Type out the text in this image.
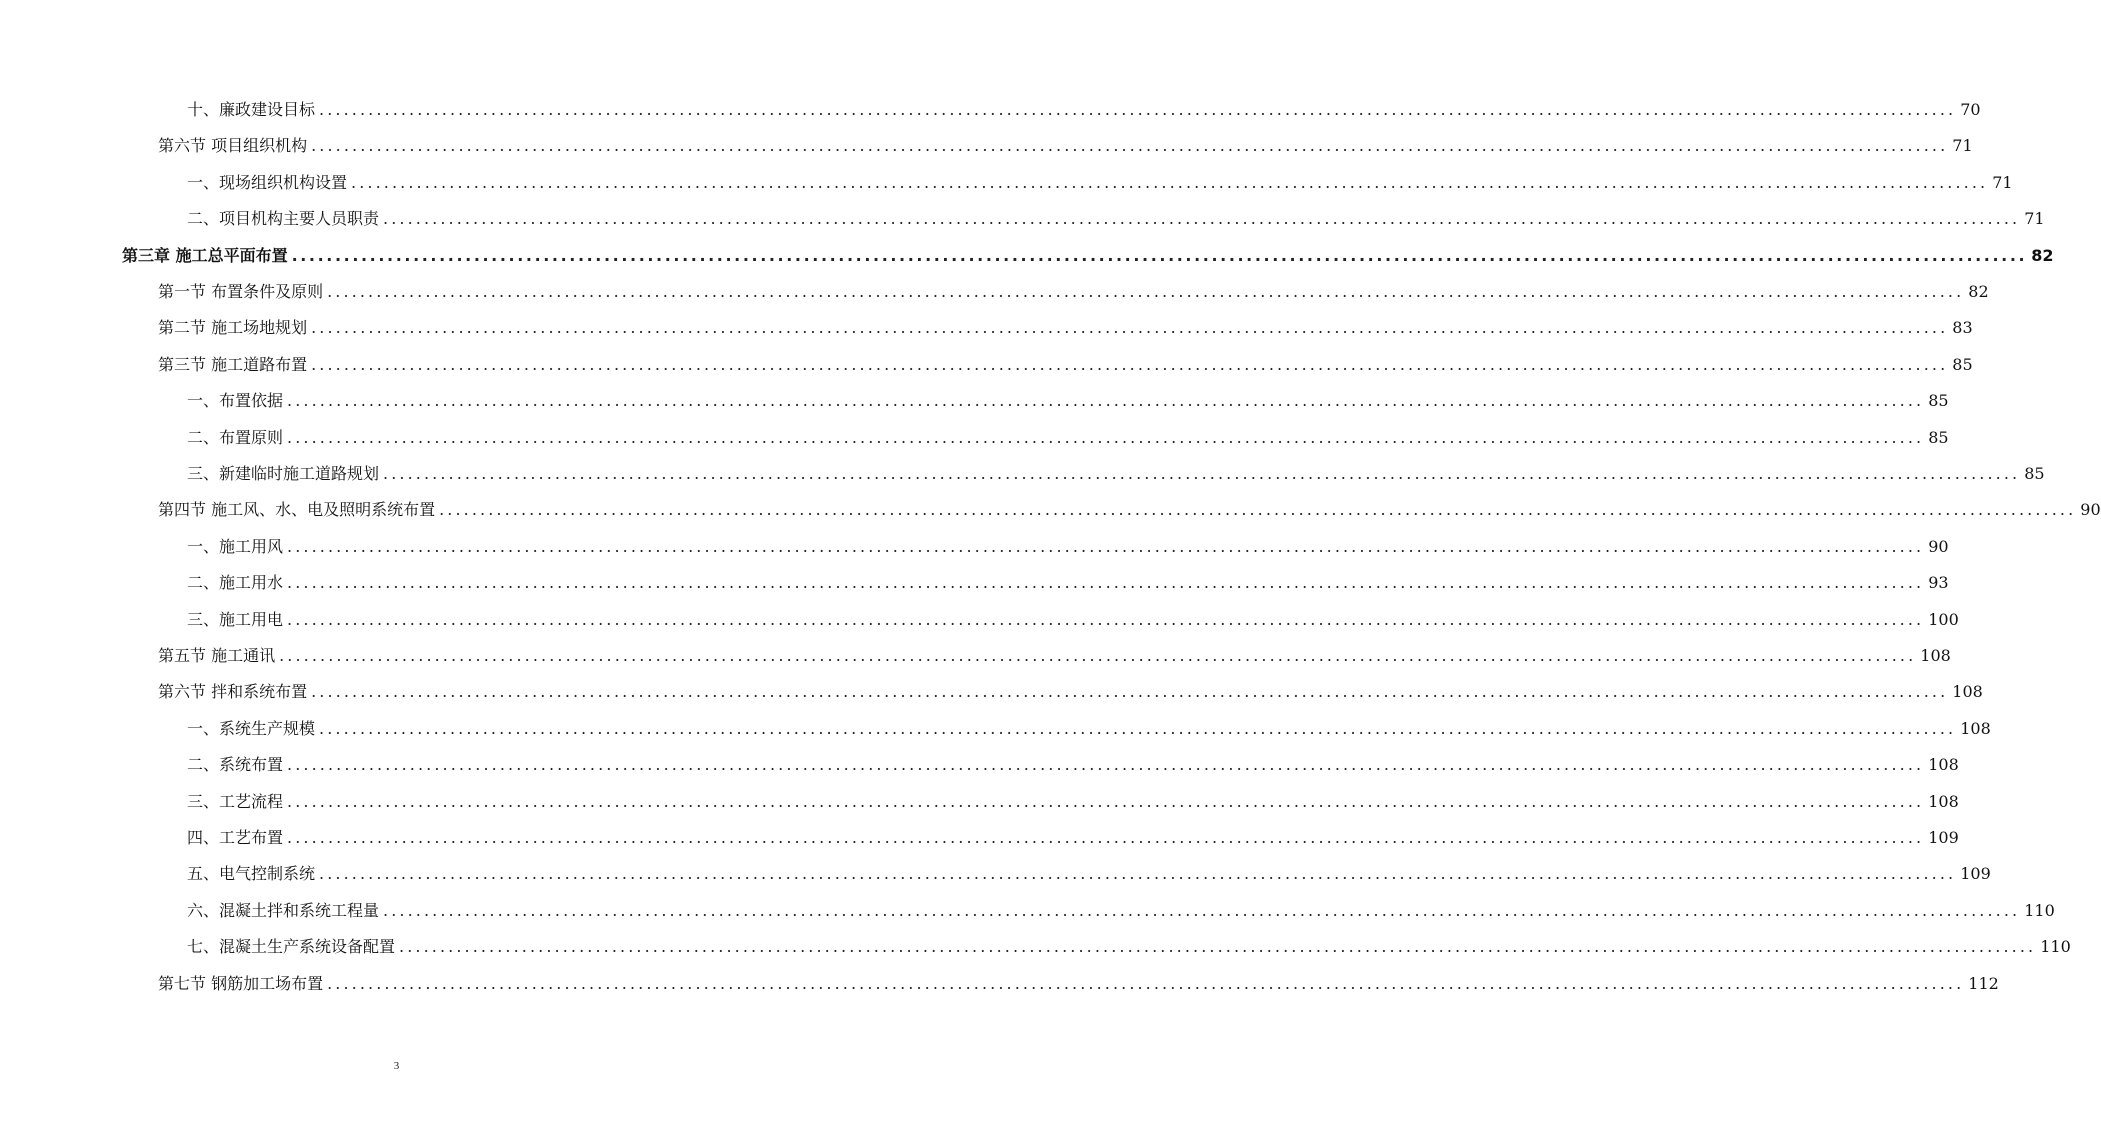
十、廉政建设目标 ........................................................................................................................................................................................................ 70
第六节 项目组织机构 ........................................................................................................................................................................................................ 71
一、现场组织机构设置 ........................................................................................................................................................................................................ 71
二、项目机构主要人员职责 ........................................................................................................................................................................................................ 71
第三章 施工总平面布置 ........................................................................................................................................................................................................ 82
第一节 布置条件及原则 ........................................................................................................................................................................................................ 82
第二节 施工场地规划 ........................................................................................................................................................................................................ 83
第三节 施工道路布置 ........................................................................................................................................................................................................ 85
一、布置依据 ........................................................................................................................................................................................................ 85
二、布置原则 ........................................................................................................................................................................................................ 85
三、新建临时施工道路规划 ........................................................................................................................................................................................................ 85
第四节 施工风、水、电及照明系统布置 ........................................................................................................................................................................................................ 90
一、施工用风 ........................................................................................................................................................................................................ 90
二、施工用水 ........................................................................................................................................................................................................ 93
三、施工用电 ........................................................................................................................................................................................................ 100
第五节 施工通讯 ........................................................................................................................................................................................................ 108
第六节 拌和系统布置 ........................................................................................................................................................................................................ 108
一、系统生产规模 ........................................................................................................................................................................................................ 108
二、系统布置 ........................................................................................................................................................................................................ 108
三、工艺流程 ........................................................................................................................................................................................................ 108
四、工艺布置 ........................................................................................................................................................................................................ 109
五、电气控制系统 ........................................................................................................................................................................................................ 109
六、混凝土拌和系统工程量 ........................................................................................................................................................................................................ 110
七、混凝土生产系统设备配置 ........................................................................................................................................................................................................ 110
第七节 钢筋加工场布置 ........................................................................................................................................................................................................ 112
3
